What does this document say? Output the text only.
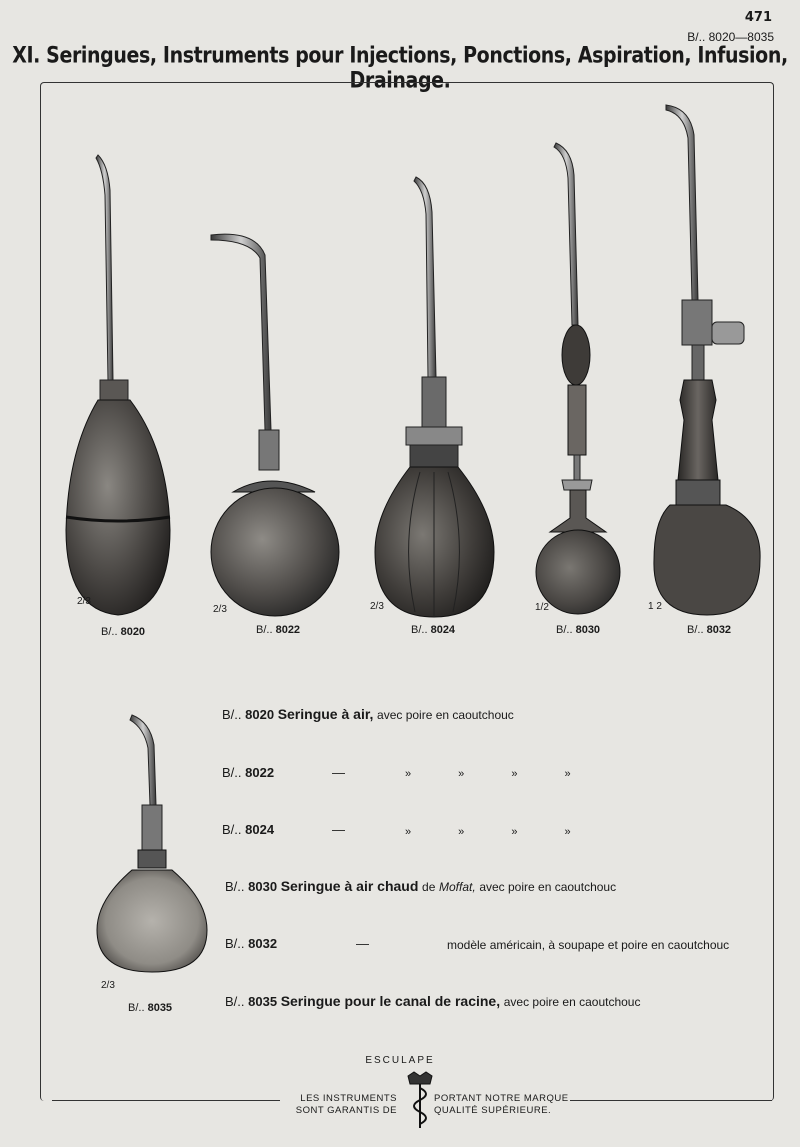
471
B/.. 8020—8035
XI. Seringues, Instruments pour Injections, Ponctions, Aspiration, Infusion, Drainage.
2/3
B/.. 8020
2/3
B/.. 8022
2/3
B/.. 8024
1/2
B/.. 8030
1 2
B/.. 8032
2/3
B/.. 8035
B/.. 8020 Seringue à air, avec poire en caoutchouc
B/.. 8022	—	» » » »
B/.. 8024	—	» » » »
B/.. 8030 Seringue à air chaud de Moffat, avec poire en caoutchouc
B/.. 8032	—	modèle américain, à soupape et poire en caoutchouc
B/.. 8035 Seringue pour le canal de racine, avec poire en caoutchouc
ESCULAPE
LES INSTRUMENTS
SONT GARANTIS DE
PORTANT NOTRE MARQUE
QUALITÉ SUPÉRIEURE.
